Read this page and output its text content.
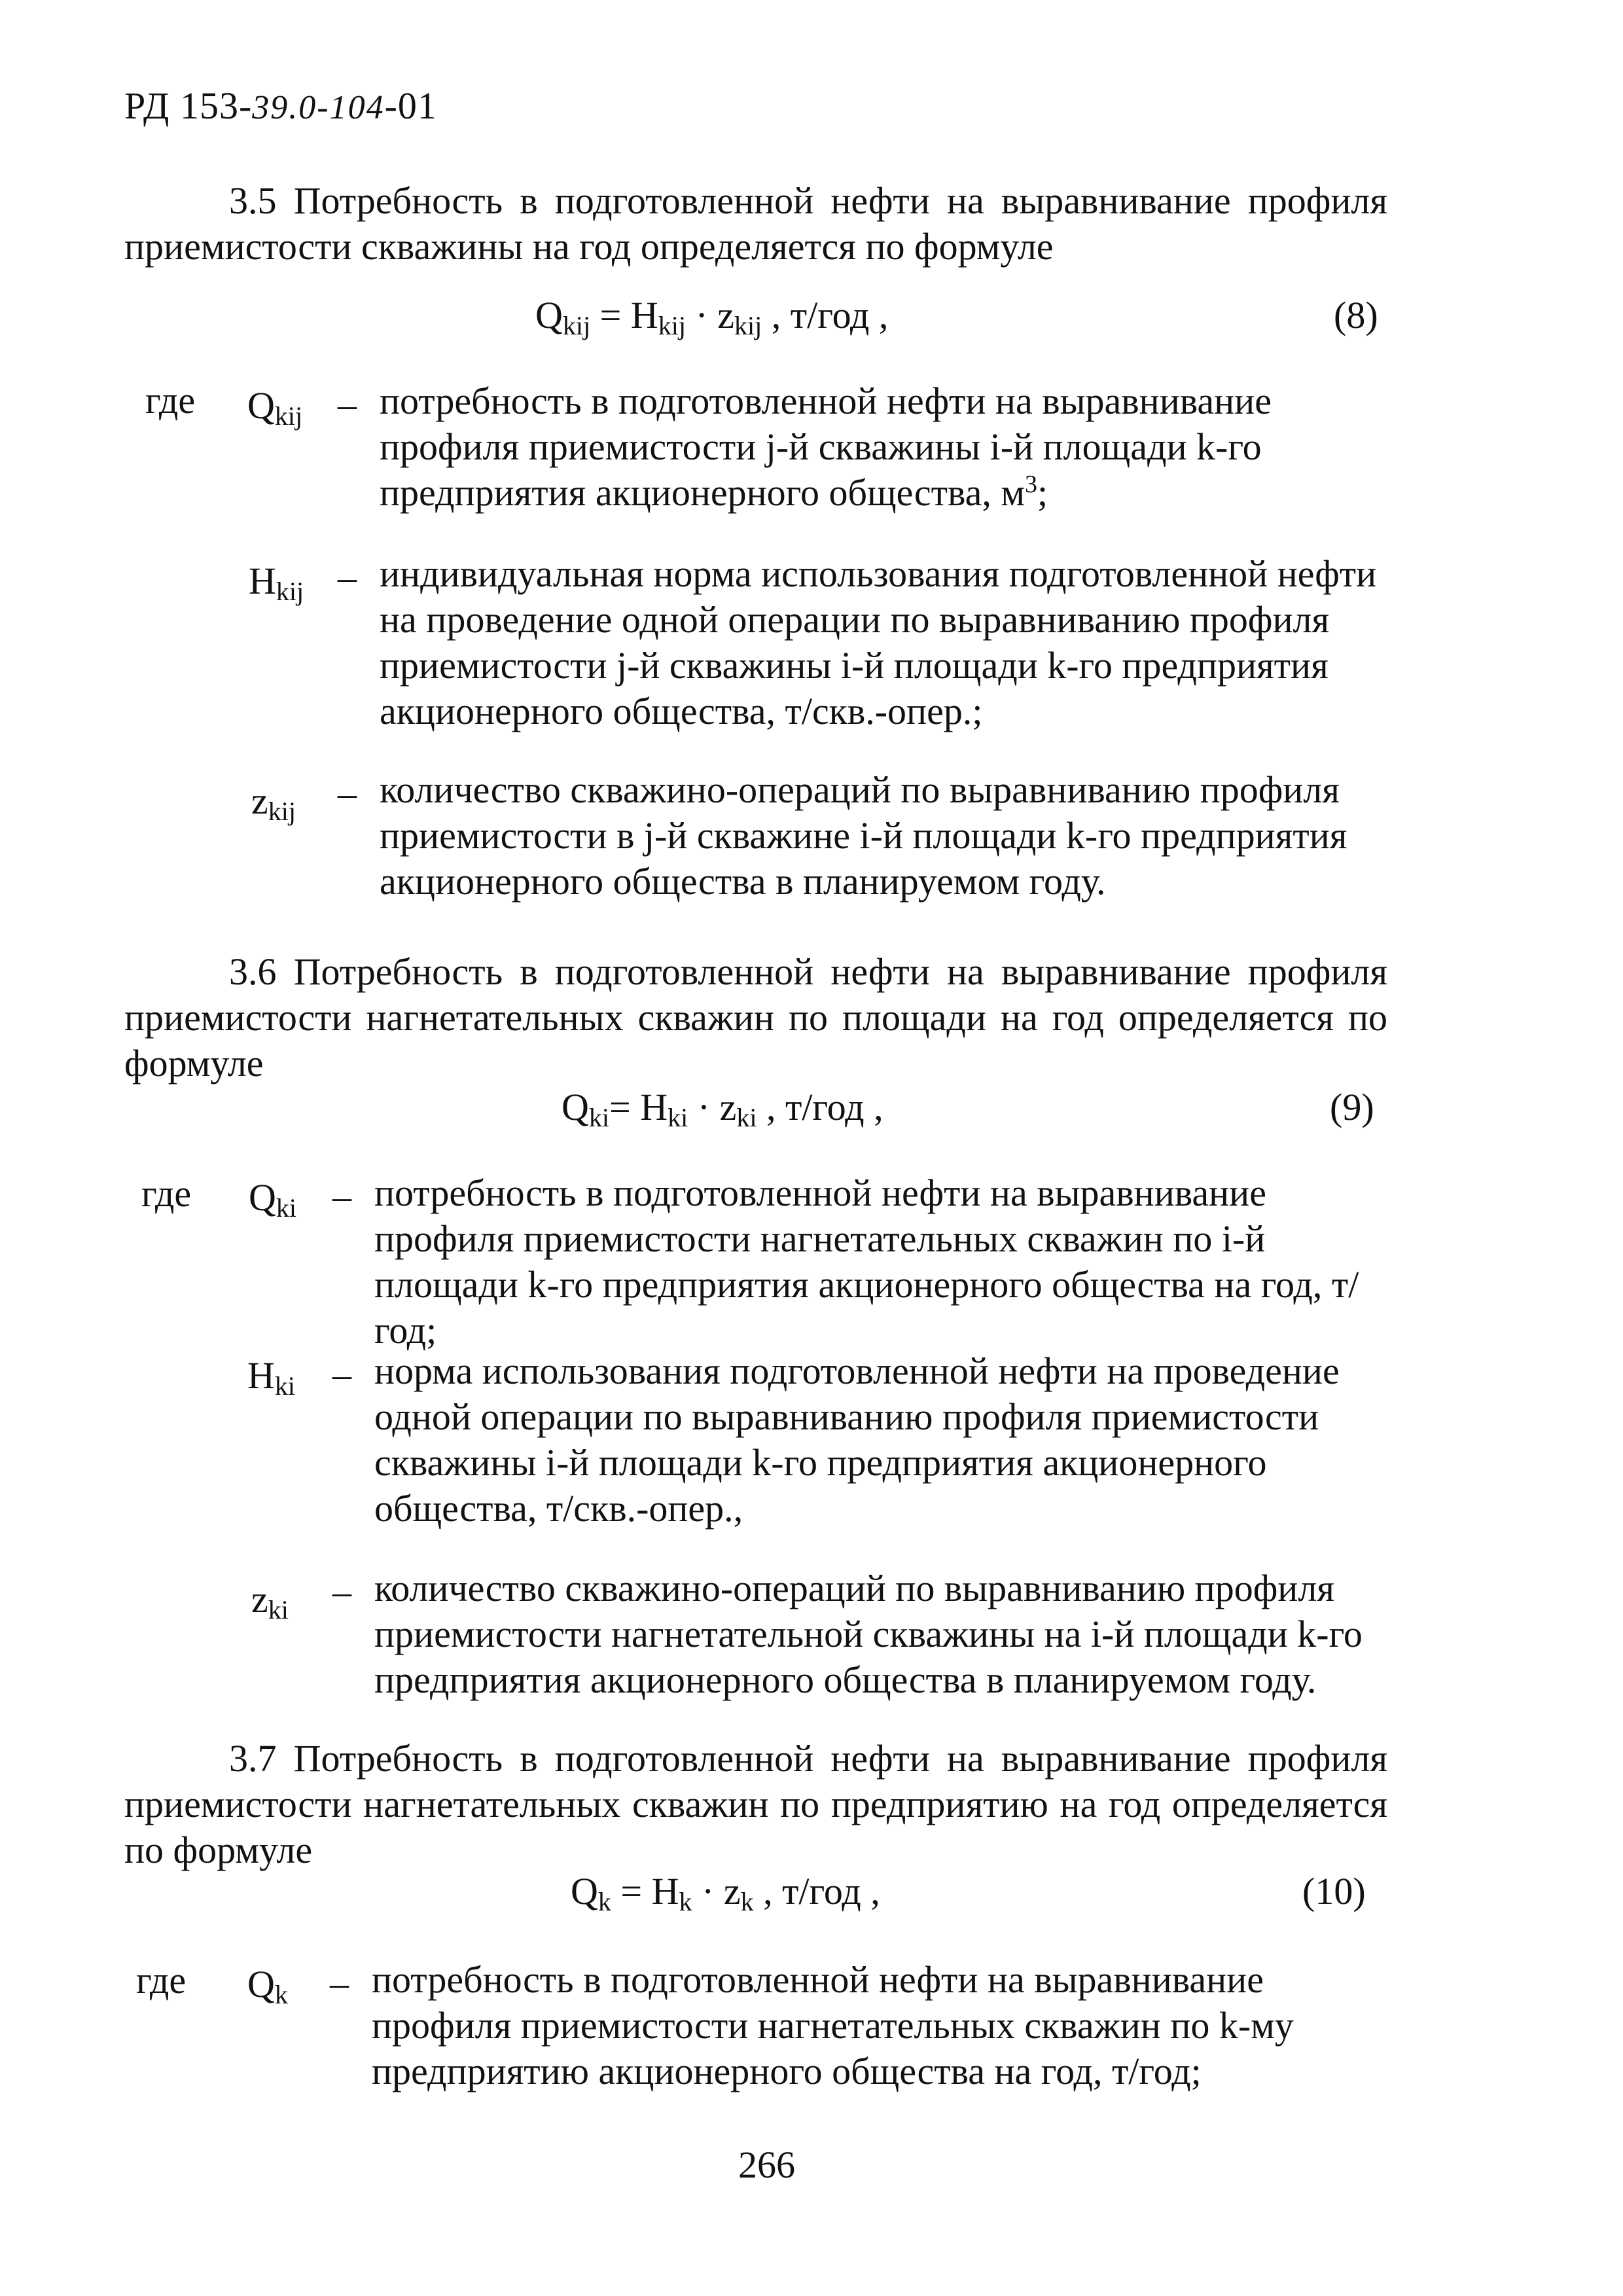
РД 153-39.0-104-01
3.5 Потребность в подготовленной нефти на выравнивание профиля приемистости скважины на год определяется по формуле
$Q_{kij} = H_{kij} \cdot z_{kij}$ , т/год ,	(8)
где $Q_{kij}$ – потребность в подготовленной нефти на выравнивание профиля приемистости j-й скважины i-й площади k-го предприятия акционерного общества, $м^3$;
$H_{kij}$ – индивидуальная норма использования подготовленной нефти на проведение одной операции по выравниванию профиля приемистости j-й скважины i-й площади k-го предприятия акционерного общества, т/скв.-опер.;
$z_{kij}$ – количество скважино-операций по выравниванию профиля приемистости в j-й скважине i-й площади k-го предприятия акционерного общества в планируемом году.
3.6 Потребность в подготовленной нефти на выравнивание профиля приемистости нагнетательных скважин по площади на год определяется по формуле
$Q_{ki}= H_{ki} \cdot z_{ki}$ , т/год ,	(9)
где $Q_{ki}$ – потребность в подготовленной нефти на выравнивание профиля приемистости нагнетательных скважин по i-й площади k-го предприятия акционерного общества на год, т/год;
$H_{ki}$ – норма использования подготовленной нефти на проведение одной операции по выравниванию профиля приемистости скважины i-й площади k-го предприятия акционерного общества, т/скв.-опер.,
$z_{ki}$ – количество скважино-операций по выравниванию профиля приемистости нагнетательной скважины на i-й площади k-го предприятия акционерного общества в планируемом году.
3.7 Потребность в подготовленной нефти на выравнивание профиля приемистости нагнетательных скважин по предприятию на год определяется по формуле
$Q_k = H_k \cdot z_k$ , т/год ,	(10)
где $Q_k$ – потребность в подготовленной нефти на выравнивание профиля приемистости нагнетательных скважин по k-му предприятию акционерного общества на год, т/год;
266
